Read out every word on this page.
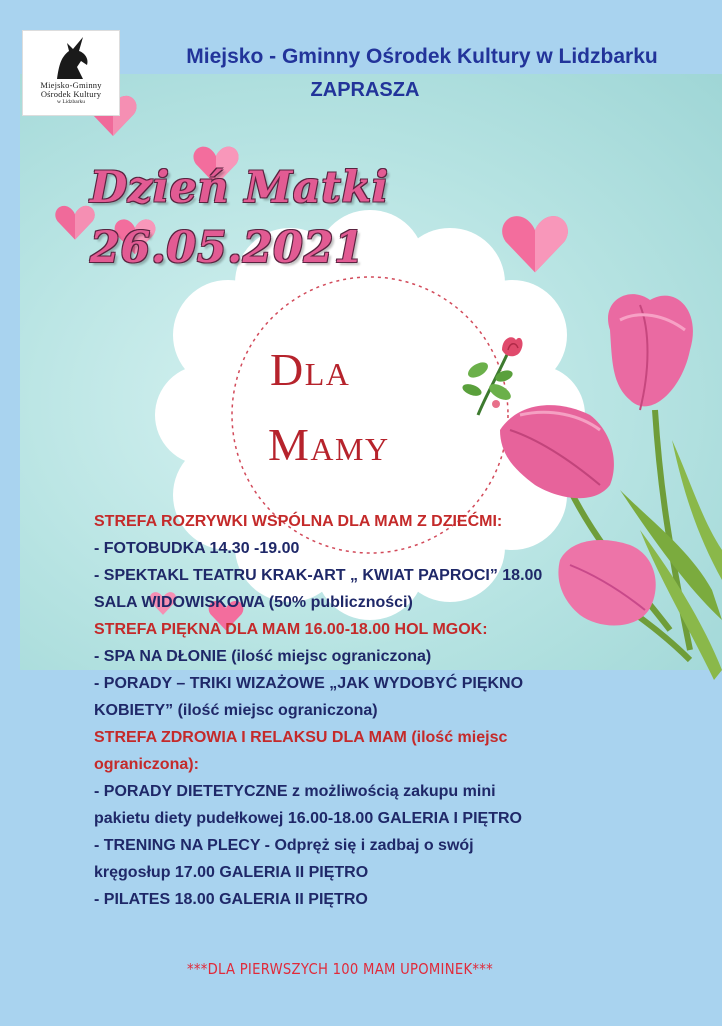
Miejsko-Gminny
Ośrodek Kultury
w Lidzbarku
Miejsko - Gminny Ośrodek Kultury w Lidzbarku
ZAPRASZA
Dzień Matki 26.05.2021
Dla
Mamy
STREFA ROZRYWKI WSPÓLNA DLA MAM Z DZIEĆMI:
- FOTOBUDKA 14.30 -19.00
- SPEKTAKL TEATRU KRAK-ART „ KWIAT PAPROCI” 18.00
SALA WIDOWISKOWA (50% publiczności)
STREFA PIĘKNA DLA MAM 16.00-18.00 HOL MGOK:
- SPA NA DŁONIE (ilość miejsc ograniczona)
- PORADY – TRIKI WIZAŻOWE „JAK WYDOBYĆ PIĘKNO
KOBIETY” (ilość miejsc ograniczona)
STREFA ZDROWIA I RELAKSU DLA MAM (ilość miejsc
ograniczona):
- PORADY DIETETYCZNE z możliwością zakupu mini
pakietu diety pudełkowej 16.00-18.00 GALERIA I PIĘTRO
- TRENING NA PLECY - Odpręż się i zadbaj o swój
kręgosłup 17.00 GALERIA II PIĘTRO
- PILATES 18.00 GALERIA II PIĘTRO
***DLA PIERWSZYCH 100 MAM UPOMINEK***
